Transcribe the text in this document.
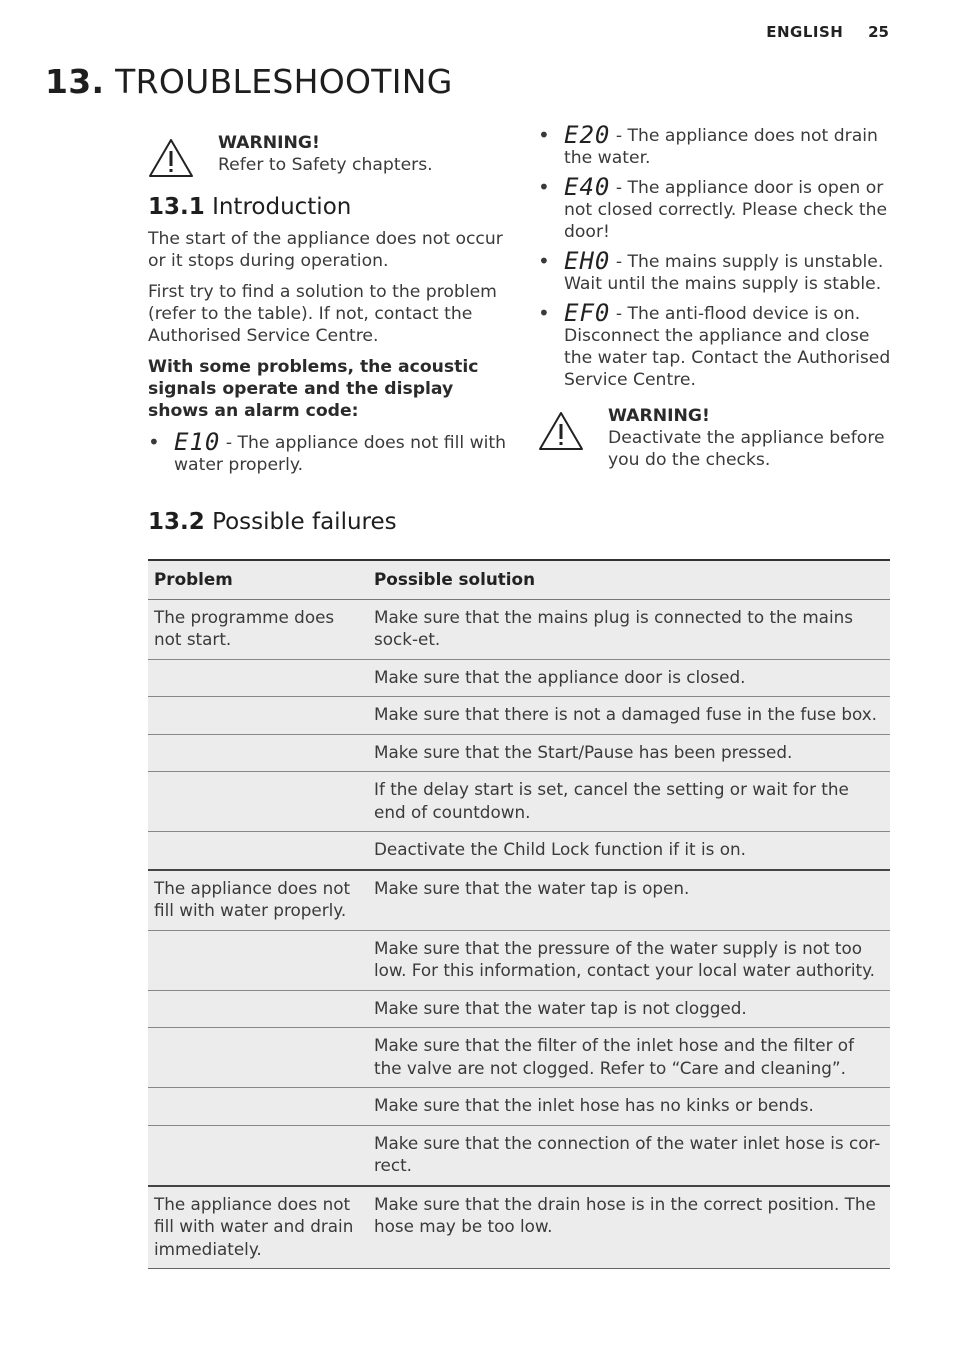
ENGLISH 25
13. TROUBLESHOOTING
WARNING!
Refer to Safety chapters.
13.1 Introduction

The start of the appliance does not occur or it stops during operation.

First try to find a solution to the problem (refer to the table). If not, contact the Authorised Service Centre.

With some problems, the acoustic signals operate and the display shows an alarm code:

• E10 - The appliance does not fill with water properly.
• E20 - The appliance does not drain the water.
• E40 - The appliance door is open or not closed correctly. Please check the door!
• EH0 - The mains supply is unstable. Wait until the mains supply is stable.
• EF0 - The anti-flood device is on. Disconnect the appliance and close the water tap. Contact the Authorised Service Centre.
WARNING!
Deactivate the appliance before you do the checks.
13.2 Possible failures
Problem	Possible solution
The programme does not start.	Make sure that the mains plug is connected to the mains sock-et.
	Make sure that the appliance door is closed.
	Make sure that there is not a damaged fuse in the fuse box.
	Make sure that the Start/Pause has been pressed.
	If the delay start is set, cancel the setting or wait for the end of countdown.
	Deactivate the Child Lock function if it is on.
The appliance does not fill with water properly.	Make sure that the water tap is open.
	Make sure that the pressure of the water supply is not too low. For this information, contact your local water authority.
	Make sure that the water tap is not clogged.
	Make sure that the filter of the inlet hose and the filter of the valve are not clogged. Refer to “Care and cleaning”.
	Make sure that the inlet hose has no kinks or bends.
	Make sure that the connection of the water inlet hose is cor-rect.
The appliance does not fill with water and drain immediately.	Make sure that the drain hose is in the correct position. The hose may be too low.
